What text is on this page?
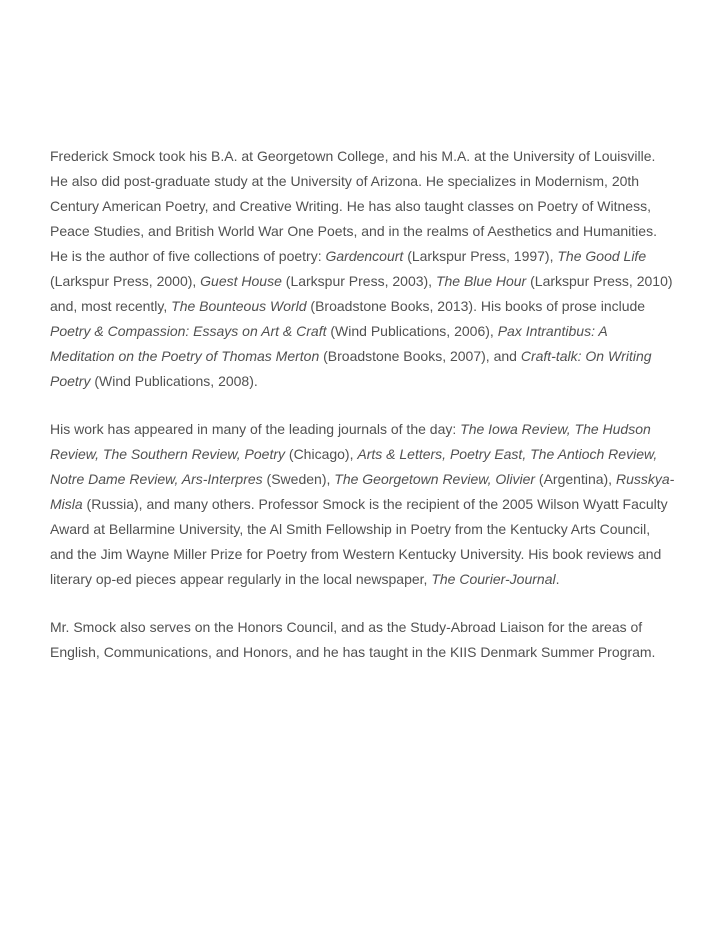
Frederick Smock took his B.A. at Georgetown College, and his M.A. at the University of Louisville. He also did post-graduate study at the University of Arizona. He specializes in Modernism, 20th Century American Poetry, and Creative Writing. He has also taught classes on Poetry of Witness, Peace Studies, and British World War One Poets, and in the realms of Aesthetics and Humanities. He is the author of five collections of poetry: Gardencourt (Larkspur Press, 1997), The Good Life (Larkspur Press, 2000), Guest House (Larkspur Press, 2003), The Blue Hour (Larkspur Press, 2010) and, most recently, The Bounteous World (Broadstone Books, 2013). His books of prose include Poetry & Compassion: Essays on Art & Craft (Wind Publications, 2006), Pax Intrantibus: A Meditation on the Poetry of Thomas Merton (Broadstone Books, 2007), and Craft-talk: On Writing Poetry (Wind Publications, 2008).

His work has appeared in many of the leading journals of the day: The Iowa Review, The Hudson Review, The Southern Review, Poetry (Chicago), Arts & Letters, Poetry East, The Antioch Review, Notre Dame Review, Ars-Interpres (Sweden), The Georgetown Review, Olivier (Argentina), Russkya-Misla (Russia), and many others. Professor Smock is the recipient of the 2005 Wilson Wyatt Faculty Award at Bellarmine University, the Al Smith Fellowship in Poetry from the Kentucky Arts Council, and the Jim Wayne Miller Prize for Poetry from Western Kentucky University. His book reviews and literary op-ed pieces appear regularly in the local newspaper, The Courier-Journal.

Mr. Smock also serves on the Honors Council, and as the Study-Abroad Liaison for the areas of English, Communications, and Honors, and he has taught in the KIIS Denmark Summer Program.
